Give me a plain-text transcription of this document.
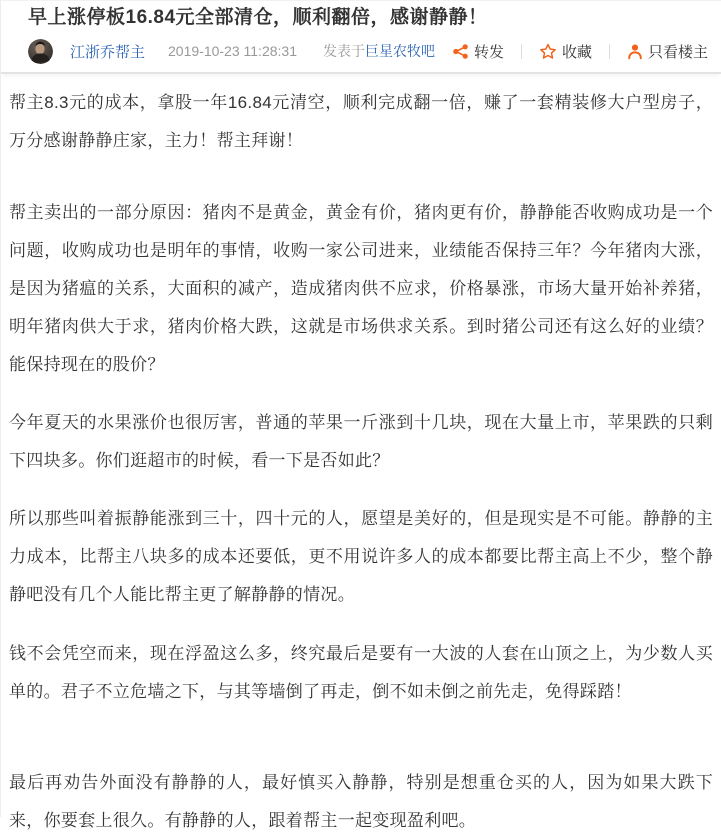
早上涨停板16.84元全部清仓，顺利翻倍，感谢静静！
江浙乔帮主 2019-10-23 11:28:31 发表于巨星农牧吧	转发	收藏	只看楼主

帮主8.3元的成本，拿股一年16.84元清空，顺利完成翻一倍，赚了一套精装修大户型房子，万分感谢静静庄家，主力！帮主拜谢！

帮主卖出的一部分原因：猪肉不是黄金，黄金有价，猪肉更有价，静静能否收购成功是一个问题，收购成功也是明年的事情，收购一家公司进来，业绩能否保持三年？今年猪肉大涨，是因为猪瘟的关系，大面积的减产，造成猪肉供不应求，价格暴涨，市场大量开始补养猪，明年猪肉供大于求，猪肉价格大跌，这就是市场供求关系。到时猪公司还有这么好的业绩？能保持现在的股价？

今年夏天的水果涨价也很厉害，普通的苹果一斤涨到十几块，现在大量上市，苹果跌的只剩下四块多。你们逛超市的时候，看一下是否如此？

所以那些叫着振静能涨到三十，四十元的人，愿望是美好的，但是现实是不可能。静静的主力成本，比帮主八块多的成本还要低，更不用说许多人的成本都要比帮主高上不少，整个静静吧没有几个人能比帮主更了解静静的情况。

钱不会凭空而来，现在浮盈这么多，终究最后是要有一大波的人套在山顶之上，为少数人买单的。君子不立危墙之下，与其等墙倒了再走，倒不如未倒之前先走，免得踩踏！

最后再劝告外面没有静静的人，最好慎买入静静，特别是想重仓买的人，因为如果大跌下来，你要套上很久。有静静的人，跟着帮主一起变现盈利吧。
